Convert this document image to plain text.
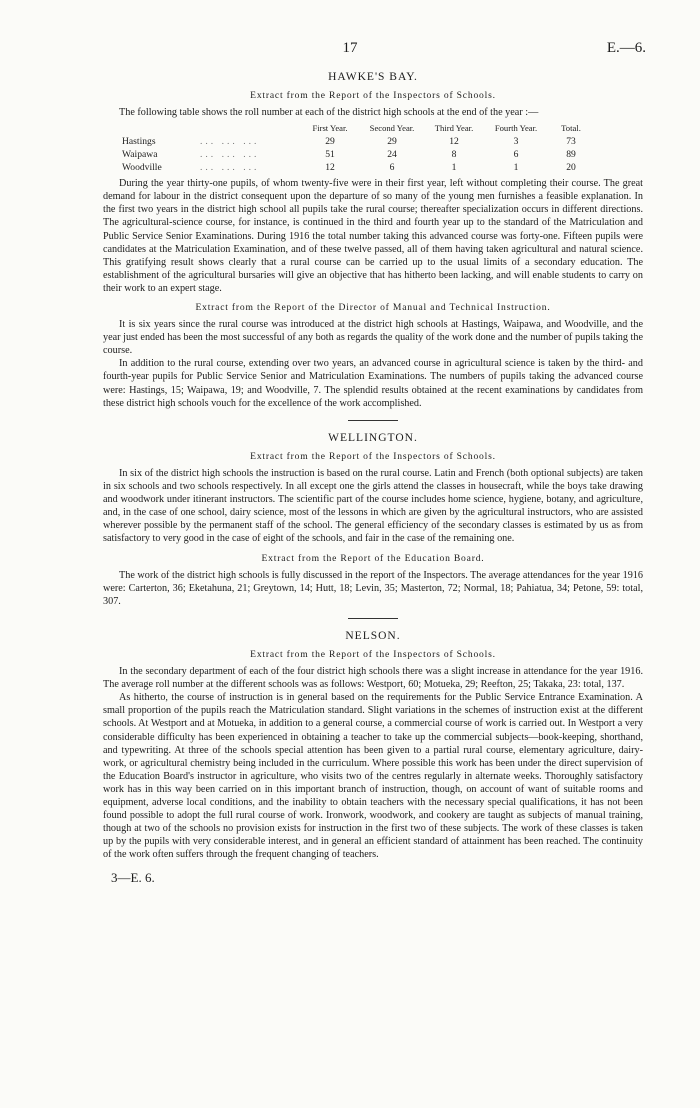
17	E.—6.
HAWKE'S BAY.
Extract from the Report of the Inspectors of Schools.

The following table shows the roll number at each of the district high schools at the end of the year :—

		First Year.	Second Year.	Third Year.	Fourth Year.	Total.
Hastings	... ... ...	29	29	12	3	73
Waipawa	... ... ...	51	24	8	6	89
Woodville	... ... ...	12	6	1	1	20

During the year thirty-one pupils, of whom twenty-five were in their first year, left without completing their course. The great demand for labour in the district consequent upon the departure of so many of the young men furnishes a feasible explanation. In the first two years in the district high school all pupils take the rural course; thereafter specialization occurs in different directions. The agricultural-science course, for instance, is continued in the third and fourth year up to the standard of the Matriculation and Public Service Senior Examinations. During 1916 the total number taking this advanced course was forty-one. Fifteen pupils were candidates at the Matriculation Examination, and of these twelve passed, all of them having taken agricultural and natural science. This gratifying result shows clearly that a rural course can be carried up to the usual limits of a secondary education. The establishment of the agricultural bursaries will give an objective that has hitherto been lacking, and will enable students to carry on their work to an expert stage.

Extract from the Report of the Director of Manual and Technical Instruction.

It is six years since the rural course was introduced at the district high schools at Hastings, Waipawa, and Woodville, and the year just ended has been the most successful of any both as regards the quality of the work done and the number of pupils taking the course.

In addition to the rural course, extending over two years, an advanced course in agricultural science is taken by the third- and fourth-year pupils for Public Service Senior and Matriculation Examinations. The numbers of pupils taking the advanced course were: Hastings, 15; Waipawa, 19; and Woodville, 7. The splendid results obtained at the recent examinations by candidates from these district high schools vouch for the excellence of the work accomplished.

WELLINGTON.
Extract from the Report of the Inspectors of Schools.

In six of the district high schools the instruction is based on the rural course. Latin and French (both optional subjects) are taken in six schools and two schools respectively. In all except one the girls attend the classes in housecraft, while the boys take drawing and woodwork under itinerant instructors. The scientific part of the course includes home science, hygiene, botany, and agriculture, and, in the case of one school, dairy science, most of the lessons in which are given by the agricultural instructors, who are assisted wherever possible by the permanent staff of the school. The general efficiency of the secondary classes is estimated by us as from satisfactory to very good in the case of eight of the schools, and fair in the case of the remaining one.

Extract from the Report of the Education Board.

The work of the district high schools is fully discussed in the report of the Inspectors. The average attendances for the year 1916 were: Carterton, 36; Eketahuna, 21; Greytown, 14; Hutt, 18; Levin, 35; Masterton, 72; Normal, 18; Pahiatua, 34; Petone, 59: total, 307.

NELSON.
Extract from the Report of the Inspectors of Schools.

In the secondary department of each of the four district high schools there was a slight increase in attendance for the year 1916. The average roll number at the different schools was as follows: Westport, 60; Motueka, 29; Reefton, 25; Takaka, 23: total, 137.

As hitherto, the course of instruction is in general based on the requirements for the Public Service Entrance Examination. A small proportion of the pupils reach the Matriculation standard. Slight variations in the schemes of instruction exist at the different schools. At Westport and at Motueka, in addition to a general course, a commercial course of work is carried out. In Westport a very considerable difficulty has been experienced in obtaining a teacher to take up the commercial subjects—book-keeping, shorthand, and typewriting. At three of the schools special attention has been given to a partial rural course, elementary agriculture, dairy-work, or agricultural chemistry being included in the curriculum. Where possible this work has been under the direct supervision of the Education Board's instructor in agriculture, who visits two of the centres regularly in alternate weeks. Thoroughly satisfactory work has in this way been carried on in this important branch of instruction, though, on account of want of suitable rooms and equipment, adverse local conditions, and the inability to obtain teachers with the necessary special qualifications, it has not been found possible to adopt the full rural course of work. Ironwork, woodwork, and cookery are taught as subjects of manual training, though at two of the schools no provision exists for instruction in the first two of these subjects. The work of these classes is taken up by the pupils with very considerable interest, and in general an efficient standard of attainment has been reached. The continuity of the work often suffers through the frequent changing of teachers.

3—E. 6.
